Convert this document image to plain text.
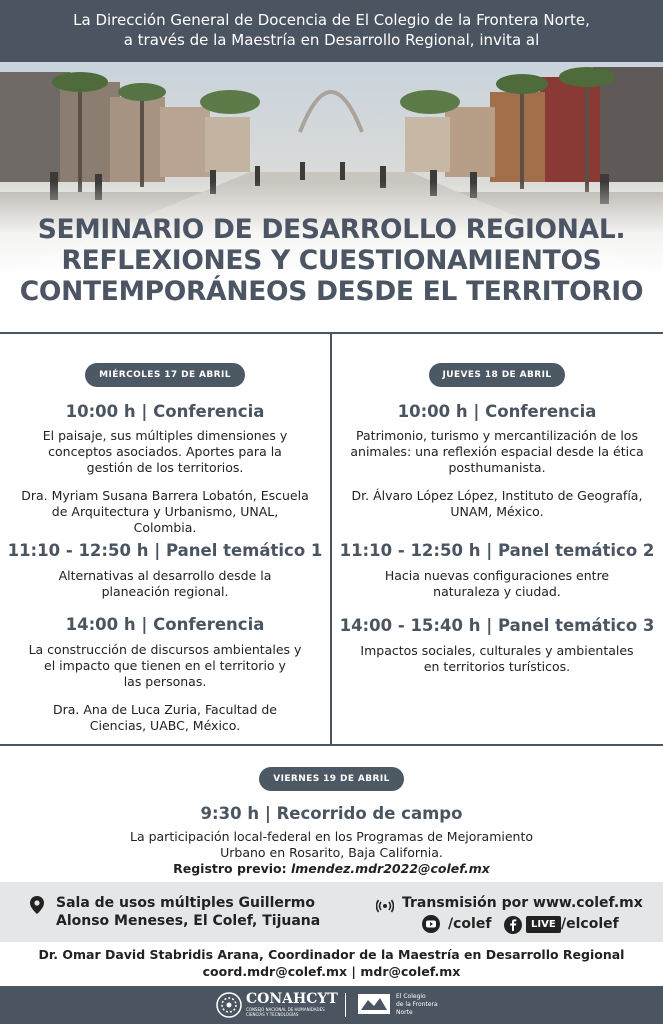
La Dirección General de Docencia de El Colegio de la Frontera Norte,
a través de la Maestría en Desarrollo Regional, invita al
SEMINARIO DE DESARROLLO REGIONAL.
REFLEXIONES Y CUESTIONAMIENTOS
CONTEMPORÁNEOS DESDE EL TERRITORIO
MIÉRCOLES 17 DE ABRIL
10:00 h | Conferencia
El paisaje, sus múltiples dimensiones y
conceptos asociados. Aportes para la
gestión de los territorios.
Dra. Myriam Susana Barrera Lobatón, Escuela
de Arquitectura y Urbanismo, UNAL,
Colombia.
11:10 - 12:50 h | Panel temático 1
Alternativas al desarrollo desde la
planeación regional.
14:00 h | Conferencia
La construcción de discursos ambientales y
el impacto que tienen en el territorio y
las personas.
Dra. Ana de Luca Zuria, Facultad de
Ciencias, UABC, México.
JUEVES 18 DE ABRIL
10:00 h | Conferencia
Patrimonio, turismo y mercantilización de los
animales: una reflexión espacial desde la ética
posthumanista.
Dr. Álvaro López López, Instituto de Geografía,
UNAM, México.
11:10 - 12:50 h | Panel temático 2
Hacia nuevas configuraciones entre
naturaleza y ciudad.
14:00 - 15:40 h | Panel temático 3
Impactos sociales, culturales y ambientales
en territorios turísticos.
VIERNES 19 DE ABRIL
9:30 h | Recorrido de campo
La participación local-federal en los Programas de Mejoramiento
Urbano en Rosarito, Baja California.
Registro previo: lmendez.mdr2022@colef.mx
Sala de usos múltiples Guillermo
Alonso Meneses, El Colef, Tijuana
Transmisión por www.colef.mx
/colef	LIVE /elcolef
Dr. Omar David Stabridis Arana, Coordinador de la Maestría en Desarrollo Regional
coord.mdr@colef.mx | mdr@colef.mx
CONAHCYT
CONSEJO NACIONAL DE HUMANIDADES
CIENCIAS Y TECNOLOGÍAS
El Colegio
de la Frontera
Norte
